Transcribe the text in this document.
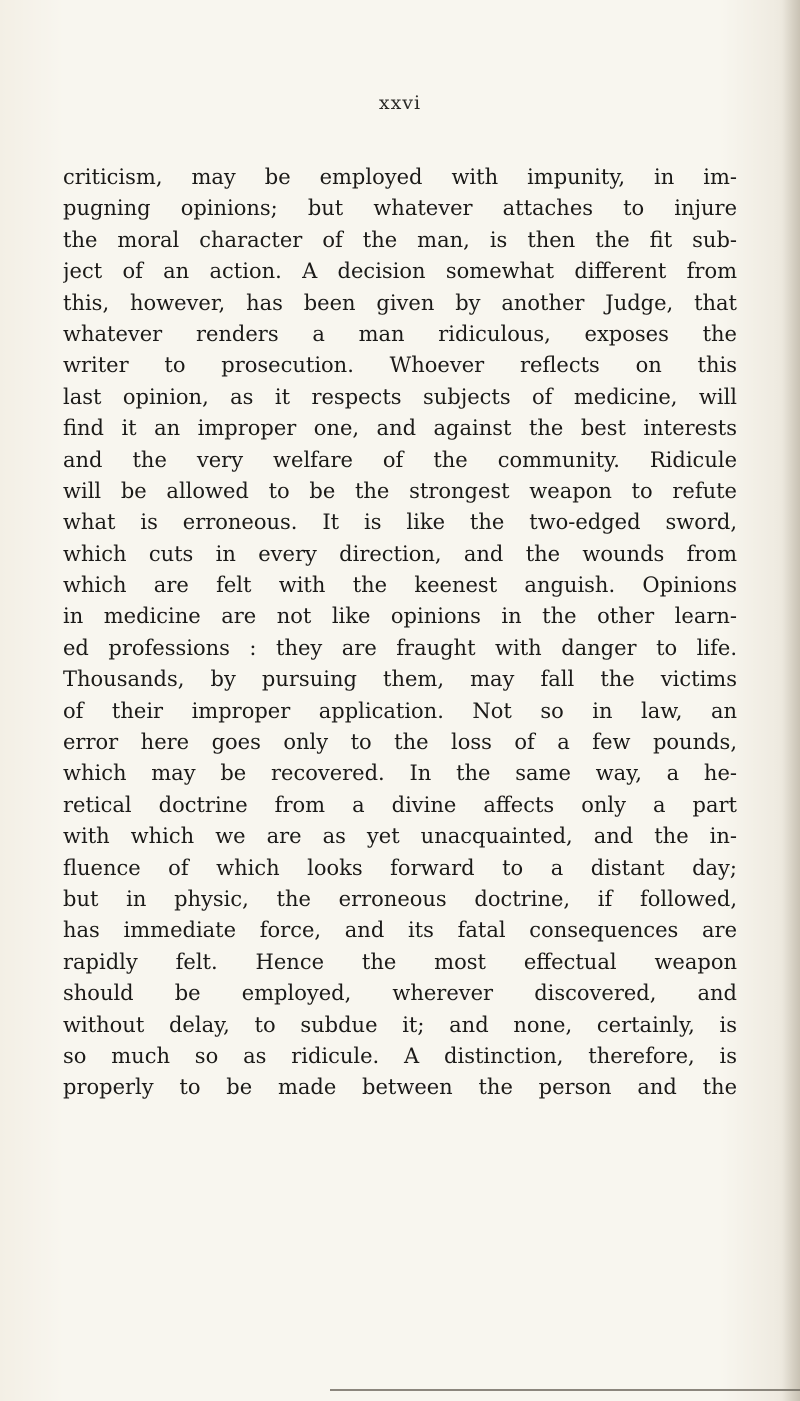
xxvi
criticism, may be employed with impunity, in im-
pugning opinions; but whatever attaches to injure
the moral character of the man, is then the fit sub-
ject of an action. A decision somewhat different from
this, however, has been given by another Judge, that
whatever renders a man ridiculous, exposes the
writer to prosecution. Whoever reflects on this
last opinion, as it respects subjects of medicine, will
find it an improper one, and against the best interests
and the very welfare of the community. Ridicule
will be allowed to be the strongest weapon to refute
what is erroneous. It is like the two-edged sword,
which cuts in every direction, and the wounds from
which are felt with the keenest anguish. Opinions
in medicine are not like opinions in the other learn-
ed professions : they are fraught with danger to life.
Thousands, by pursuing them, may fall the victims
of their improper application. Not so in law, an
error here goes only to the loss of a few pounds,
which may be recovered. In the same way, a he-
retical doctrine from a divine affects only a part
with which we are as yet unacquainted, and the in-
fluence of which looks forward to a distant day;
but in physic, the erroneous doctrine, if followed,
has immediate force, and its fatal consequences are
rapidly felt. Hence the most effectual weapon
should be employed, wherever discovered, and
without delay, to subdue it; and none, certainly, is
so much so as ridicule. A distinction, therefore, is
properly to be made between the person and the
